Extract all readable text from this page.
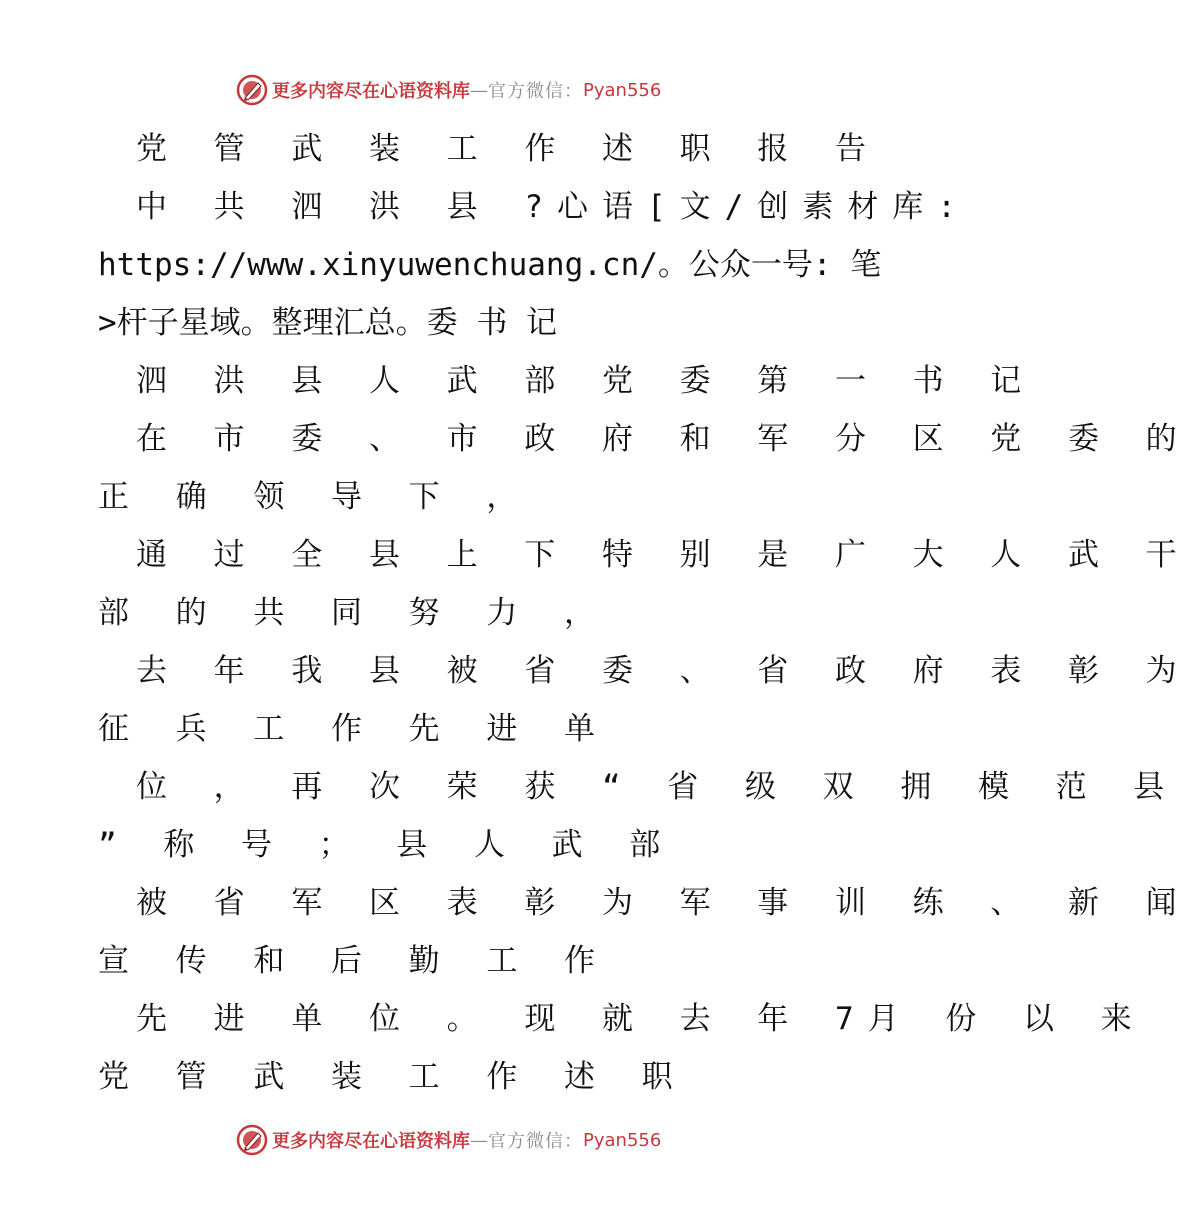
更多内容尽在心语资料库 — 官方微信： Pyan556
党 管 武 装 工 作 述 职 报 告
中 共 泗 洪 县 ?心语[文/创素材库:
https://www.xinyuwenchuang.cn/。公众一号: 笔
>杆子星域。整理汇总。委 书 记
泗 洪 县 人 武 部 党 委 第 一 书 记
在 市 委 、 市 政 府 和 军 分 区 党 委 的
正 确 领 导 下 ，
通 过 全 县 上 下 特 别 是 广 大 人 武 干
部 的 共 同 努 力 ，
去 年 我 县 被 省 委 、 省 政 府 表 彰 为
征 兵 工 作 先 进 单
位 ， 再 次 荣 获 “ 省 级 双 拥 模 范 县
” 称 号 ； 县 人 武 部
被 省 军 区 表 彰 为 军 事 训 练 、 新 闻
宣 传 和 后 勤 工 作
先 进 单 位 。 现 就 去 年 7月 份 以 来
党 管 武 装 工 作 述 职
更多内容尽在心语资料库 — 官方微信： Pyan556
